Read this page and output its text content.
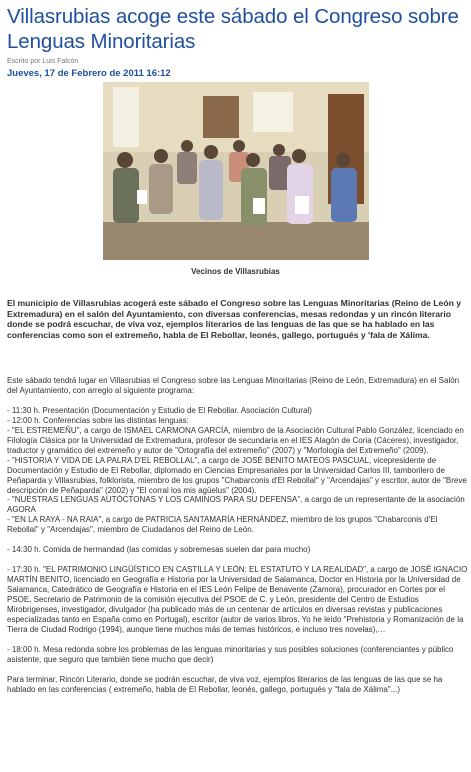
Villasrubias acoge este sábado el Congreso sobre Lenguas Minoritarias
Escrito por Luis Falcón
Jueves, 17 de Febrero de 2011 16:12
Vecinos de Villasrubias

El municipio de Villasrubias acogerá este sábado el Congreso sobre las Lenguas Minoritarias (Reino de León y Extremadura) en el salón del Ayuntamiento, con diversas conferencias, mesas redondas y un rincón literario donde se podrá escuchar, de viva voz, ejemplos literarios de las lenguas de las que se ha hablado en las conferencias como son el extremeño, habla de El Rebollar, leonés, gallego, portugués y 'fala de Xálima.

Este sábado tendrá lugar en Villasrubias el Congreso sobre las Lenguas Minoritarias (Reino de León, Extremadura) en el Salón del Ayuntamiento, con arreglo al siguiente programa:

- 11:30 h. Presentación (Documentación y Estudio de El Rebollar. Asociación Cultural)
- 12:00 h. Conferencias sobre las distintas lenguas:
- "EL ESTREMEÑU", a cargo de ISMAEL CARMONA GARCÍA, miembro de la Asociación Cultural Pablo González, licenciado en Filología Clásica por la Universidad de Extremadura, profesor de secundaria en el IES Alagón de Coria (Cáceres), investigador, traductor y gramático del extremeño y autor de "Ortografía del extremeño" (2007) y "Morfología del Extremeño" (2009).
- "HISTORIA Y VIDA DE LA PALRA D'EL REBOLLAL", a cargo de JOSÉ BENITO MATEOS PASCUAL, vicepresidente de Documentación y Estudio de El Rebollar, diplomado en Ciencias Empresariales por la Universidad Carlos III, tamborilero de Peñaparda y Villasrubias, folklorista, miembro de los grupos "Chabarconis d'El Rebollal" y "Arcendajas" y escritor, autor de "Breve descripción de Peñaparda" (2002) y "El corral los mis agüelus" (2004).
- "NUESTRAS LENGUAS AUTÓCTONAS Y LOS CAMINOS PARA SU DEFENSA", a cargo de un representante de la asociación AGORA
- "EN LA RAYA - NA RAIA", a cargo de PATRICIA SANTAMARÍA HERNÁNDEZ, miembro de los grupos "Chabarconis d'El Rebollal" y "Arcendajas", miembro de Ciudadanos del Reino de León.

- 14:30 h. Comida de hermandad (las comidas y sobremesas suelen dar para mucho)

- 17:30 h. "EL PATRIMONIO LINGÜÍSTICO EN CASTILLA Y LEÓN: EL ESTATUTO Y LA REALIDAD", a cargo de JOSÉ IGNACIO MARTÍN BENITO, licenciado en Geografía e Historia por la Universidad de Salamanca, Doctor en Historia por la Universidad de Salamanca, Catedrático de Geografía e Historia en el IES León Felipe de Benavente (Zamora), procurador en Cortes por el PSOE, Secretario de Patrimonio de la comisión ejecutiva del PSOE de C. y León, presidente del Centro de Estudios Mirobrigenses, investigador, divulgador (ha publicado más de un centenar de artículos en diversas revistas y publicaciones especializadas tanto en España como en Portugal), escritor (autor de varios libros. Yo he leído "Prehistoria y Romanización de la Tierra de Ciudad Rodrigo (1994), aunque tiene muchos más de temas históricos, e incluso tres novelas),…

- 18:00 h. Mesa redonda sobre los problemas de las lenguas minoritarias y sus posibles soluciones (conferenciantes y público asistente, que seguro que también tiene mucho que decir)

Para terminar, Rincón Literario, donde se podrán escuchar, de viva voz, ejemplos literarios de las lenguas de las que se ha hablado en las conferencias ( extremeño, habla de El Rebollar, leonés, gallego, portugués y "fala de Xálima"...)
